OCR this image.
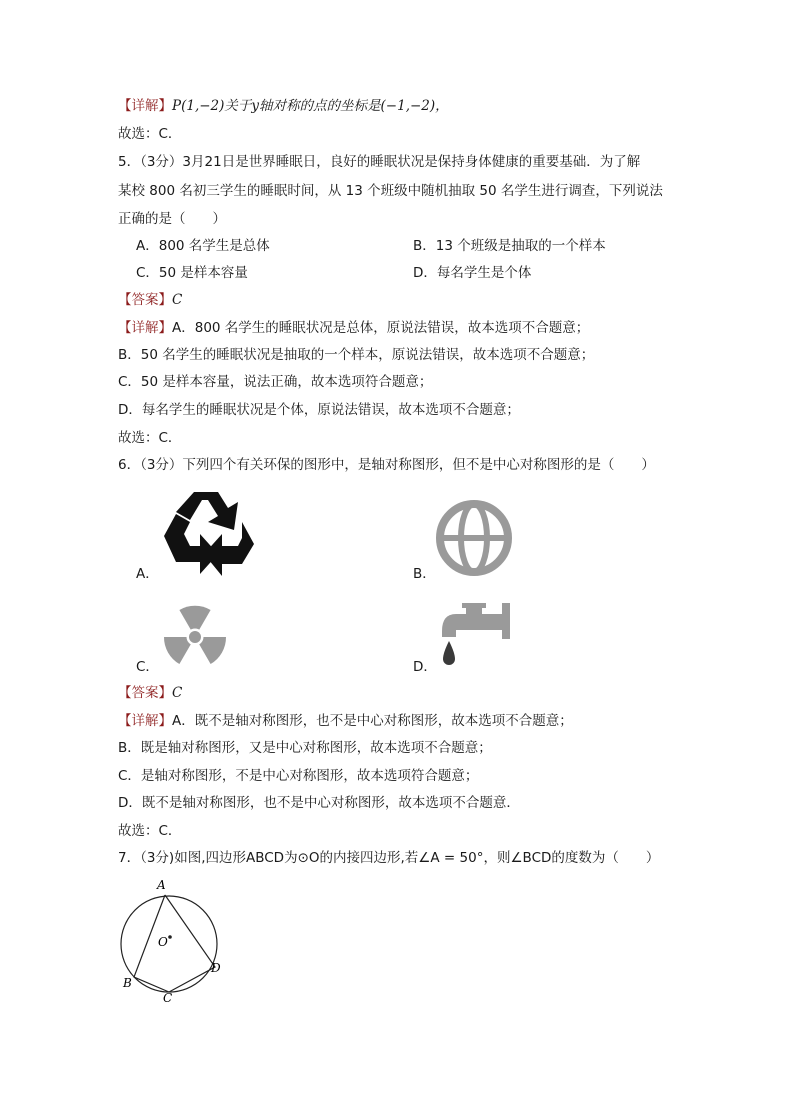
【详解】P(1,−2)关于y轴对称的点的坐标是(−1,−2)，
故选：C．
5．（3分）3月21日是世界睡眠日，良好的睡眠状况是保持身体健康的重要基础．为了解
某校 800 名初三学生的睡眠时间，从 13 个班级中随机抽取 50 名学生进行调查，下列说法
正确的是（　　）
A．800 名学生是总体	B．13 个班级是抽取的一个样本
C．50 是样本容量	D．每名学生是个体
【答案】C
【详解】A．800 名学生的睡眠状况是总体，原说法错误，故本选项不合题意；
B．50 名学生的睡眠状况是抽取的一个样本，原说法错误，故本选项不合题意；
C．50 是样本容量，说法正确，故本选项符合题意；
D．每名学生的睡眠状况是个体，原说法错误，故本选项不合题意；
故选：C．
6．（3分）下列四个有关环保的图形中，是轴对称图形，但不是中心对称图形的是（　　）
A．	B．
C．	D．
【答案】C
【详解】A．既不是轴对称图形，也不是中心对称图形，故本选项不合题意；
B．既是轴对称图形，又是中心对称图形，故本选项不合题意；
C．是轴对称图形，不是中心对称图形，故本选项符合题意；
D．既不是轴对称图形，也不是中心对称图形，故本选项不合题意．
故选：C．
7．（3分)如图,四边形ABCD为⊙O的内接四边形,若∠A = 50°，则∠BCD的度数为（　　）
A
O
B
C
D
